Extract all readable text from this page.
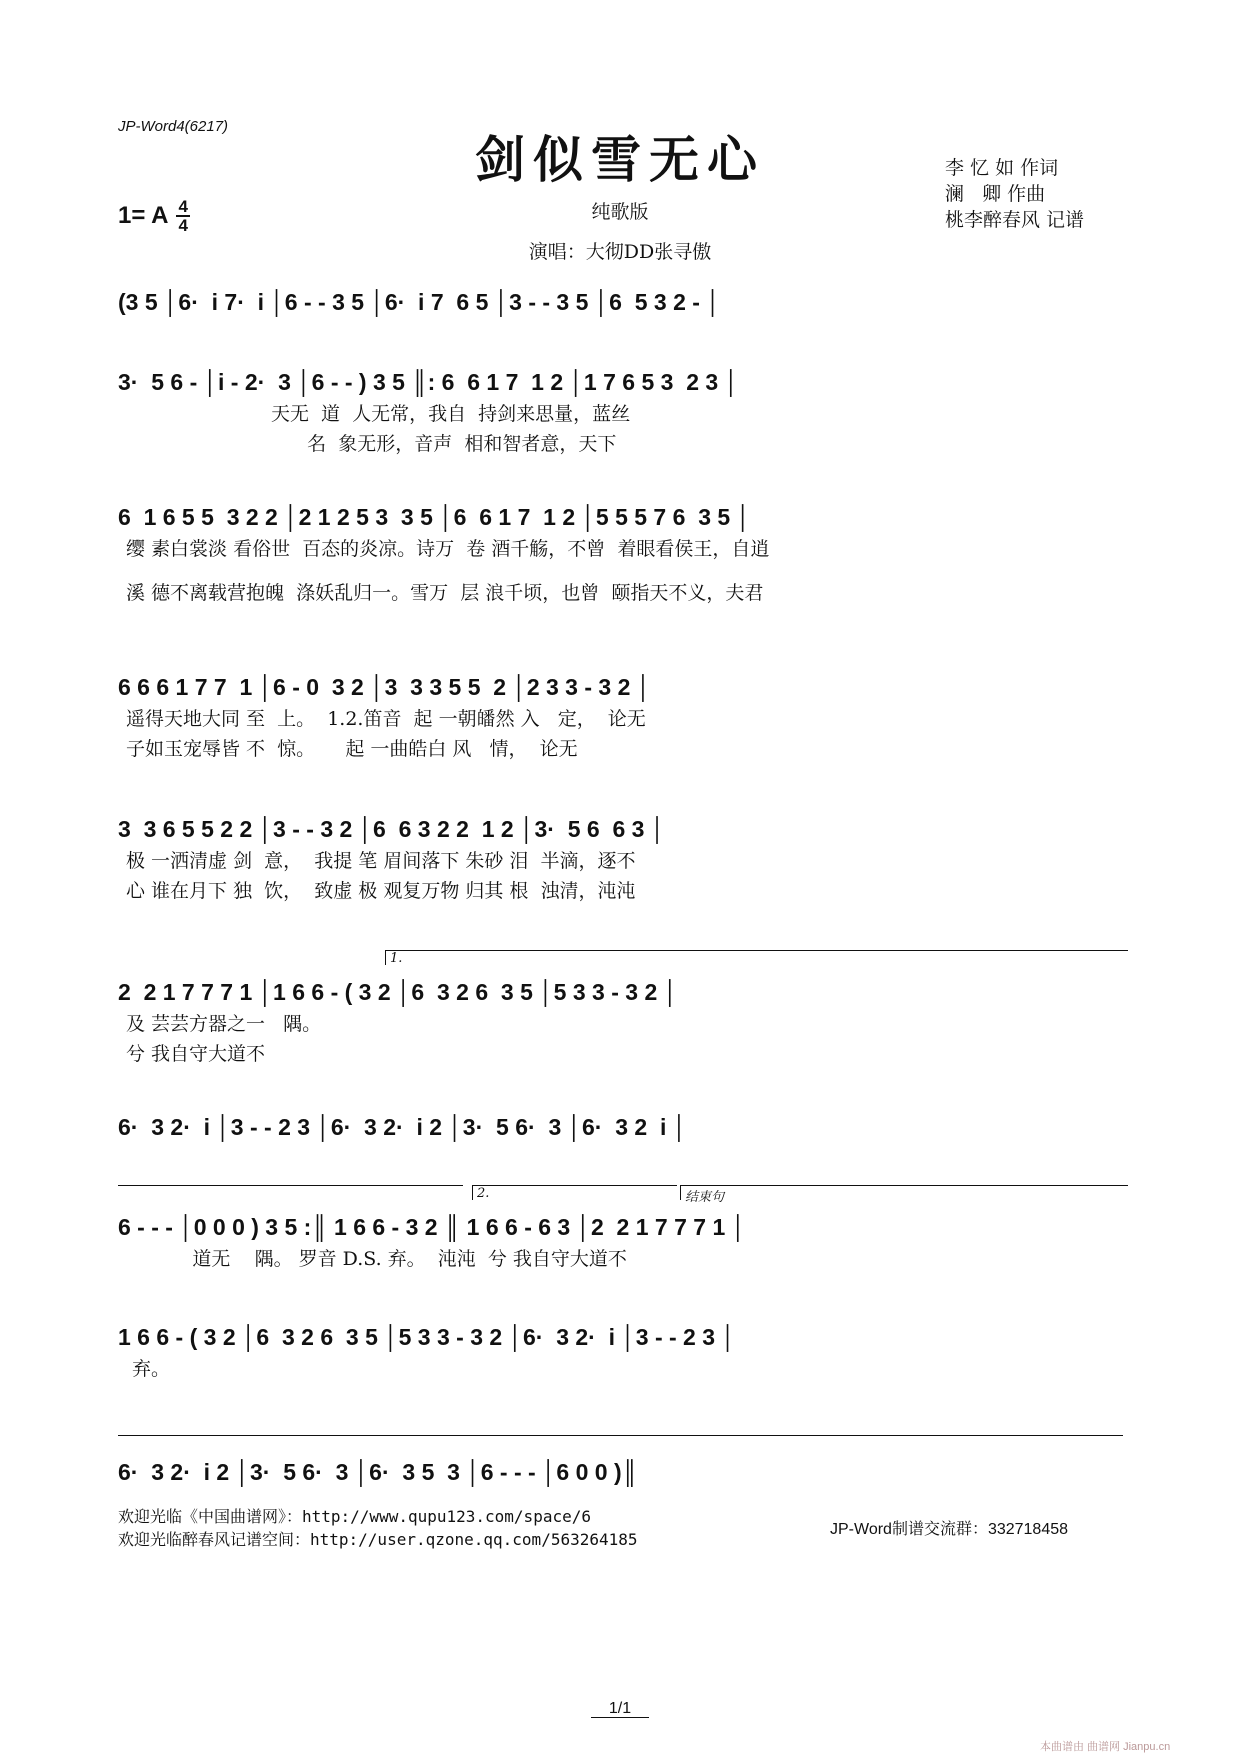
JP-Word4(6217)
剑似雪无心
纯歌版
演唱：大彻DD张寻傲
李 忆 如 作词
澜   卿 作曲
桃李醉春风 记谱
1= A 4
4
(3 5 │6·  i 7·  i │6 - - 3 5 │6·  i 7  6 5 │3 - - 3 5 │6  5 3 2 - │
3·  5 6 - │i - 2·  3 │6 - - ) 3 5 ║: 6  6 1 7  1 2 │1 7 6 5 3  2 3 │
天无  道  人无常，我自  持剑来思量，蓝丝
名  象无形，音声  相和智者意，天下
6  1 6 5 5  3 2 2 │2 1 2 5 3  3 5 │6  6 1 7  1 2 │5 5 5 7 6  3 5 │
缨 素白裳淡 看俗世  百态的炎凉。诗万  卷 酒千觞，不曾  着眼看侯王，自逍
溪 德不离载营抱魄  涤妖乱归一。雪万  层 浪千顷，也曾  颐指天不义，夫君
6 6 6 1 7 7  1 │6 - 0  3 2 │3  3 3 5 5  2 │2 3 3 - 3 2 │
遥得天地大同 至  上。  1.2.笛音  起 一朝皤然 入   定，  论无
子如玉宠辱皆 不  惊。     起 一曲皓白 风   情，  论无
3  3 6 5 5 2 2 │3 - - 3 2 │6  6 3 2 2  1 2 │3·  5 6  6 3 │
极 一洒清虚 剑  意，  我提 笔 眉间落下 朱砂 泪  半滴，逐不
心 谁在月下 独  饮，  致虚 极 观复万物 归其 根  浊清，沌沌
1.
2  2 1 7 7 7 1 │1 6 6 - ( 3 2 │6  3 2 6  3 5 │5 3 3 - 3 2 │
及 芸芸方器之一   隅。
兮 我自守大道不
6·  3 2·  i │3 - - 2 3 │6·  3 2·  i 2 │3·  5 6·  3 │6·  3 2  i │
2.	结束句
6 - - - │0 0 0 ) 3 5 :║ 1 6 6 - 3 2 ║ 1 6 6 - 6 3 │2  2 1 7 7 7 1 │
道无    隅。 罗音 D.S. 弃。  沌沌  兮 我自守大道不
1 6 6 - ( 3 2 │6  3 2 6  3 5 │5 3 3 - 3 2 │6·  3 2·  i │3 - - 2 3 │
弃。
6·  3 2·  i 2 │3·  5 6·  3 │6·  3 5  3 │6 - - - │6 0 0 )║
欢迎光临《中国曲谱网》：http://www.qupu123.com/space/6
欢迎光临醉春风记谱空间：http://user.qzone.qq.com/563264185
JP-Word制谱交流群：332718458
1/1
本曲谱由 曲谱网 Jianpu.cn
